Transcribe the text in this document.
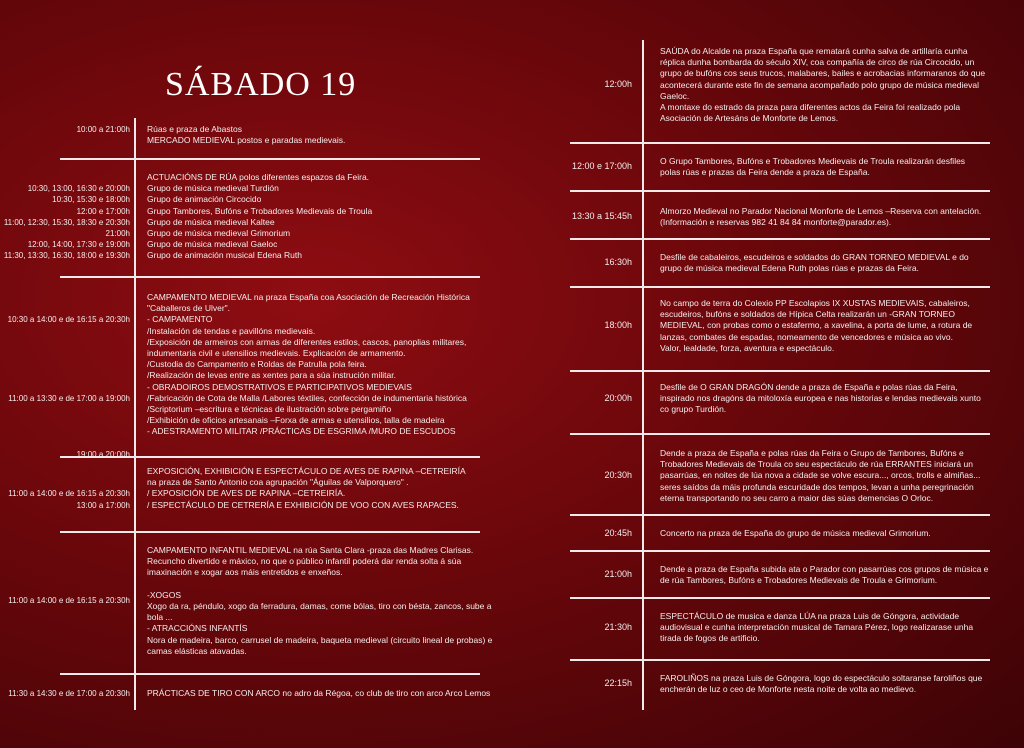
SÁBADO 19
10:00 a 21:00h Rúas e praza de Abastos
MERCADO MEDIEVAL postos e paradas medievais.
10:30, 13:00, 16:30 e 20:00h
10:30, 15:30 e 18:00h
12:00 e 17:00h
11:00, 12:30, 15:30, 18:30 e 20:30h
21:00h
12:00, 14:00, 17:30 e 19:00h
11:30, 13:30, 16:30, 18:00 e 19:30h
ACTUACIÓNS DE RÚA polos diferentes espazos da Feira.
Grupo de música medieval Turdión
Grupo de animación Circocido
Grupo Tambores, Bufóns e Trobadores Medievais de Troula
Grupo de música medieval Kaltee
Grupo de música medieval Grimorium
Grupo de música medieval Gaeloc
Grupo de animación musical Edena Ruth
10:30 a 14:00 e de 16:15 a 20:30h
11:00 a 13:30 e de 17:00 a 19:00h
19:00 a 20:00h
CAMPAMENTO MEDIEVAL na praza España coa Asociación de Recreación Histórica
"Caballeros de Ulver".
- CAMPAMENTO
/Instalación de tendas e pavillóns medievais.
/Exposición de armeiros con armas de diferentes estilos, cascos, panoplias militares,
indumentaria civil e utensilios medievais. Explicación de armamento.
/Custodia do Campamento e Roldas de Patrulla pola feira.
/Realización de levas entre as xentes para a súa instrución militar.
- OBRADOIROS DEMOSTRATIVOS E PARTICIPATIVOS MEDIEVAIS
/Fabricación de Cota de Malla /Labores téxtiles, confección de indumentaria histórica
/Scriptorium –escritura e técnicas de ilustración sobre pergamiño
/Exhibición de oficios artesanais –Forxa de armas e utensilios, talla de madeira
- ADESTRAMENTO MILITAR /PRÁCTICAS DE ESGRIMA /MURO DE ESCUDOS
11:00 a 14:00 e de 16:15 a 20:30h
13:00 a 17:00h
EXPOSICIÓN, EXHIBICIÓN E ESPECTÁCULO DE AVES DE RAPINA –CETREIRÍA
na praza de Santo Antonio coa agrupación "Águilas de Valporquero" .
/ EXPOSICIÓN DE AVES DE RAPINA –CETREIRÍA.
/ ESPECTÁCULO DE CETRERÍA E EXHIBICIÓN DE VOO CON AVES RAPACES.
11:00 a 14:00 e de 16:15 a 20:30h
CAMPAMENTO INFANTIL MEDIEVAL na rúa Santa Clara -praza das Madres Clarisas.
Recuncho divertido e máxico, no que o público infantil poderá dar renda solta á súa
imaxinación e xogar aos máis entretidos e enxeños.

-XOGOS
Xogo da ra, péndulo, xogo da ferradura, damas, come bólas, tiro con bésta, zancos, sube a
bola ...
- ATRACCIÓNS INFANTÍS
Nora de madeira, barco, carrusel de madeira, baqueta medieval (circuito lineal de probas) e
camas elásticas atavadas.
11:30 a 14:30 e de 17:00 a 20:30h PRÁCTICAS DE TIRO CON ARCO no adro da Régoa, co club de tiro con arco Arco Lemos
12:00h
SAÚDA do Alcalde na praza España que rematará cunha salva de artillaría cunha
réplica dunha bombarda do século XIV, coa compañía de circo de rúa Circocido, un
grupo de bufóns cos seus trucos, malabares, bailes e acrobacias informaranos do que
acontecerá durante este fin de semana acompañado polo grupo de música medieval
Gaeloc.
A montaxe do estrado da praza para diferentes actos da Feira foi realizado pola
Asociación de Artesáns de Monforte de Lemos.
12:00 e 17:00h
O Grupo Tambores, Bufóns e Trobadores Medievais de Troula realizarán desfiles
polas rúas e prazas da Feira dende a praza de España.
13:30 a 15:45h
Almorzo Medieval no Parador Nacional Monforte de Lemos –Reserva con antelación.
(Información e reservas 982 41 84 84 monforte@parador.es).
16:30h
Desfile de cabaleiros, escudeiros e soldados do GRAN TORNEO MEDIEVAL e do
grupo de música medieval Edena Ruth polas rúas e prazas da Feira.
18:00h
No campo de terra do Colexio PP Escolapios IX XUSTAS MEDIEVAIS, cabaleiros,
escudeiros, bufóns e soldados de Hípica Celta realizarán un -GRAN TORNEO
MEDIEVAL, con probas como o estafermo, a xavelina, a porta de lume, a rotura de
lanzas, combates de espadas, nomeamento de vencedores e música ao vivo.
Valor, lealdade, forza, aventura e espectáculo.
20:00h
Desfile de O GRAN DRAGÓN dende a praza de España e polas rúas da Feira,
inspirado nos dragóns da mitoloxía europea e nas historias e lendas medievais xunto
co grupo Turdión.
20:30h
Dende a praza de España e polas rúas da Feira o Grupo de Tambores, Bufóns e
Trobadores Medievais de Troula co seu espectáculo de rúa ERRANTES iniciará un
pasarrúas, en noites de lúa nova a cidade se volve escura..., orcos, trolls e almiñas...
seres saídos da máis profunda escuridade dos tempos, levan a unha peregrinación
eterna transportando no seu carro a maior das súas demencias O Orloc.
20:45h	Concerto na praza de España do grupo de música medieval Grimorium.
21:00h
Dende a praza de España subida ata o Parador con pasarrúas cos grupos de música e
de rúa Tambores, Bufóns e Trobadores Medievais de Troula e Grimorium.
21:30h
ESPECTÁCULO de musica e danza LÚA na praza Luis de Góngora, actividade
audiovisual e cunha interpretación musical de Tamara Pérez, logo realizarase unha
tirada de fogos de artificio.
22:15h
FAROLIÑOS na praza Luis de Góngora, logo do espectáculo soltaranse faroliños que
encherán de luz o ceo de Monforte nesta noite de volta ao medievo.
